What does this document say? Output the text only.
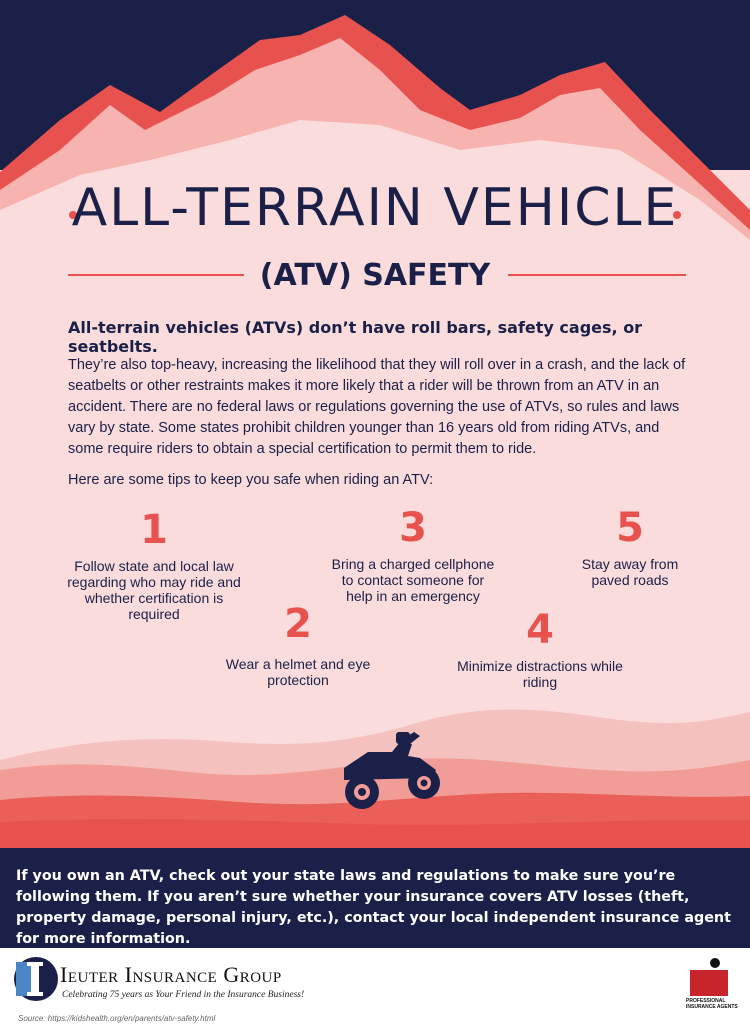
ALL-TERRAIN VEHICLE
(ATV) SAFETY
All-terrain vehicles (ATVs) don’t have roll bars, safety cages, or seatbelts.
They’re also top-heavy, increasing the likelihood that they will roll over in a crash, and the lack of seatbelts or other restraints makes it more likely that a rider will be thrown from an ATV in an accident. There are no federal laws or regulations governing the use of ATVs, so rules and laws vary by state. Some states prohibit children younger than 16 years old from riding ATVs, and some require riders to obtain a special certification to permit them to ride.
Here are some tips to keep you safe when riding an ATV:
1
Follow state and local law regarding who may ride and whether certification is required	2
Wear a helmet and eye protection
3
Bring a charged cellphone to contact someone for help in an emergency
4
Minimize distractions while riding
5
Stay away from paved roads
If you own an ATV, check out your state laws and regulations to make sure you’re following them. If you aren’t sure whether your insurance covers ATV losses (theft, property damage, personal injury, etc.), contact your local independent insurance agent for more information.
Ieuter Insurance Group
Celebrating 75 years as Your Friend in the Insurance Business!
Source: https://kidshealth.org/en/parents/atv-safety.html
PROFESSIONAL INSURANCE AGENTS
